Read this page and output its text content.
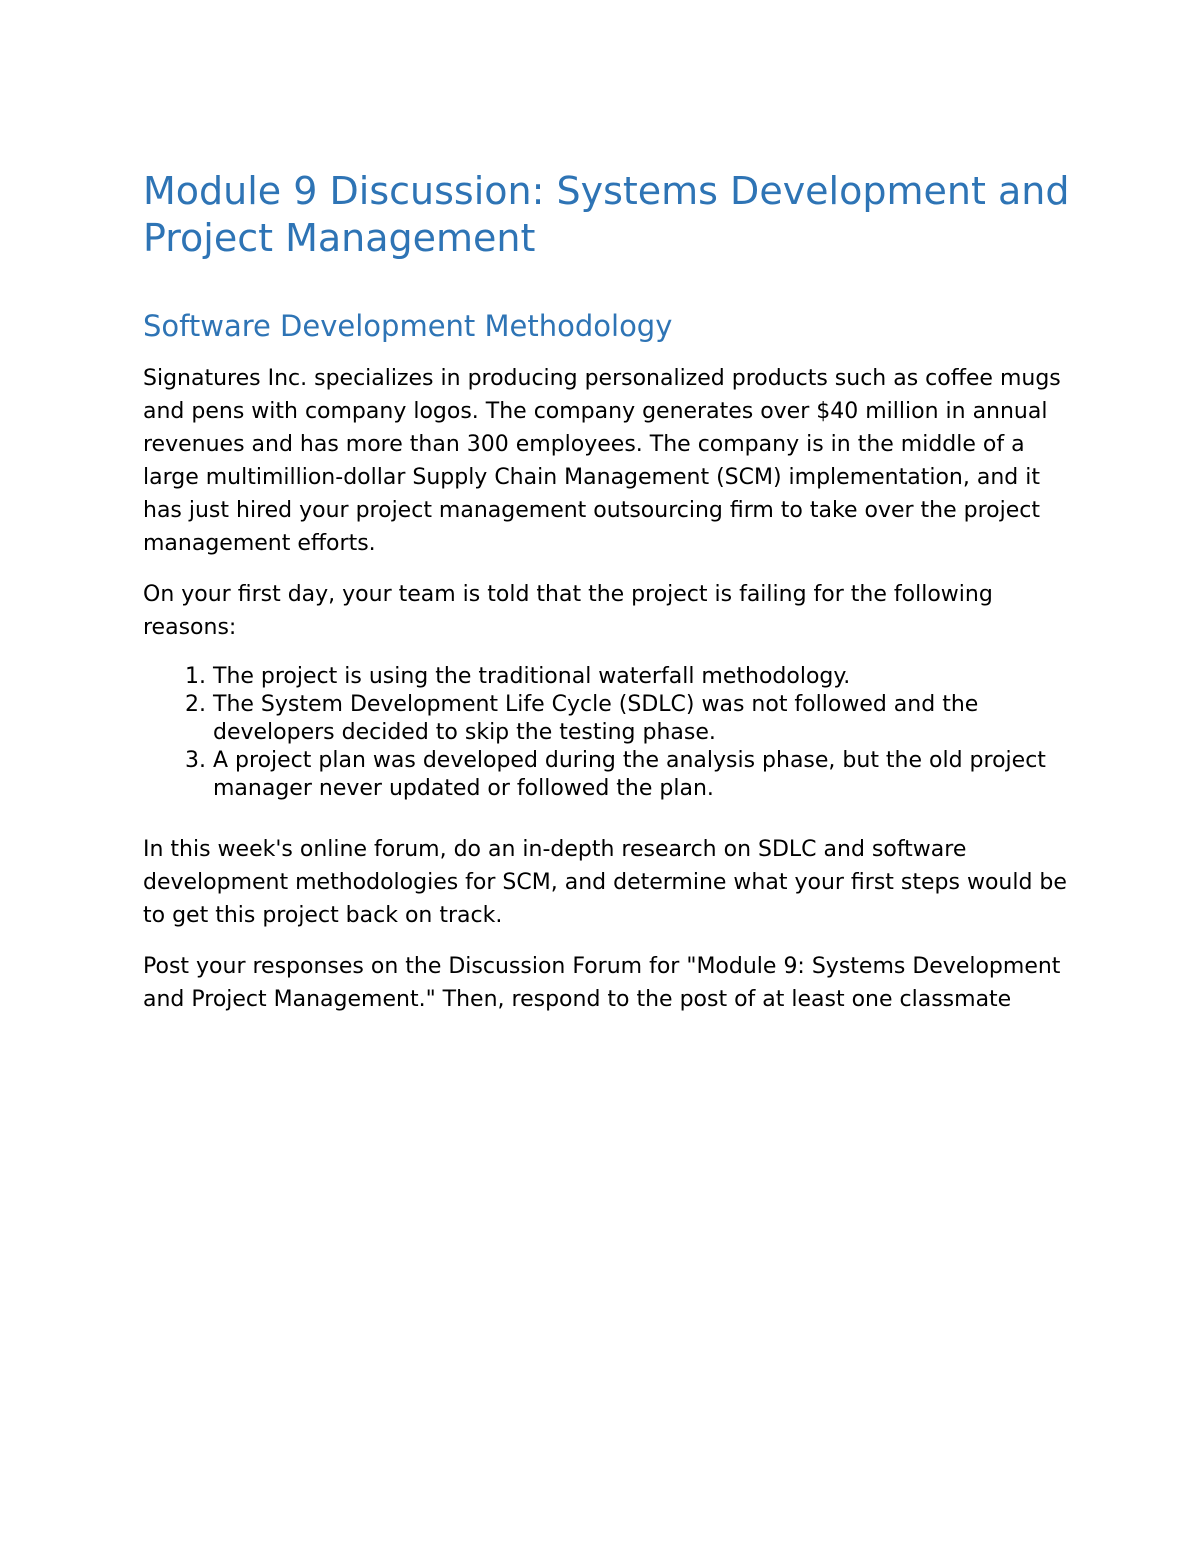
Module 9 Discussion: Systems Development and Project Management
Software Development Methodology

Signatures Inc. specializes in producing personalized products such as coffee mugs and pens with company logos. The company generates over $40 million in annual revenues and has more than 300 employees. The company is in the middle of a large multimillion-dollar Supply Chain Management (SCM) implementation, and it has just hired your project management outsourcing firm to take over the project management efforts.

On your first day, your team is told that the project is failing for the following reasons:

1. The project is using the traditional waterfall methodology.
2. The System Development Life Cycle (SDLC) was not followed and the developers decided to skip the testing phase.
3. A project plan was developed during the analysis phase, but the old project manager never updated or followed the plan.

In this week's online forum, do an in-depth research on SDLC and software development methodologies for SCM, and determine what your first steps would be to get this project back on track.

Post your responses on the Discussion Forum for "Module 9: Systems Development and Project Management." Then, respond to the post of at least one classmate
